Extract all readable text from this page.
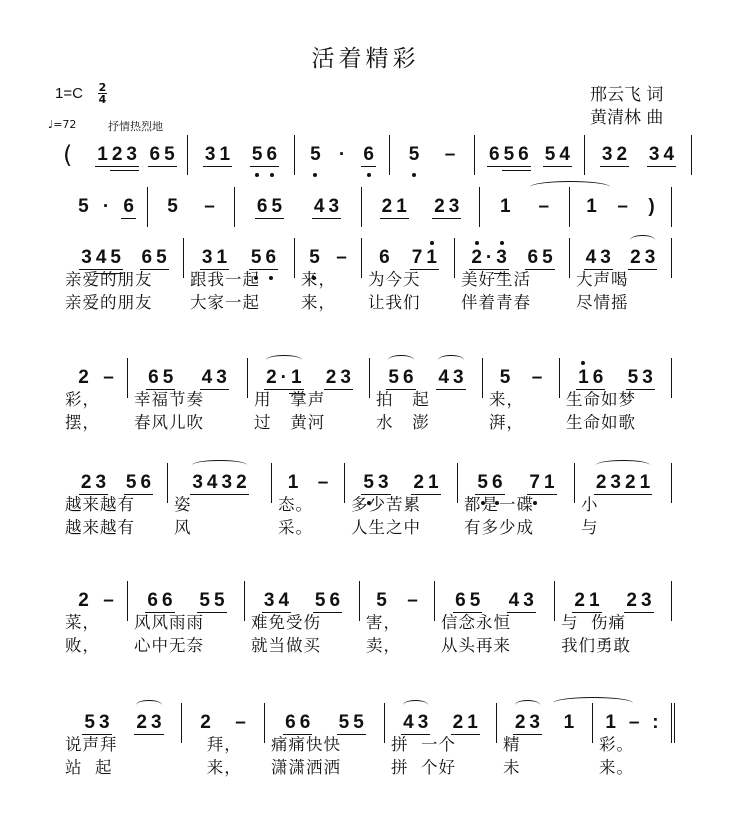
活着精彩
1=C 2
4
♩=72	抒情热烈地
邢云飞 词
黄清林 曲
( 1 2 3 6 5 3 1 5 6 5 · 6 5 – 6 5 6 5 4 3 2 3 4
5 · 6 5 – 6 5 4 3 2 1 2 3 1 – 1 – )
3 4 5 6 5
亲爱的朋友
亲爱的朋友
3 1 5 6
跟我一起
大家一起
5 –
来，
来，
6 7 1
为今天
让我们
2 · 3 6 5
美好生活
伴着青春
4 3 2 3
大声喝
尽情摇
2 –
彩，
摆，
6 5 4 3
幸福节奏
春风儿吹
2 · 1 2 3
用   掌声
过   黄河
5 6 4 3
拍   起
水   澎
5 –
来，
湃，
1 6 5 3
生命如梦
生命如歌
2 3 5 6
越来越有
越来越有
3 4 3 2
姿
风
1 –
态。
采。
5 3 2 1
多少苦累
人生之中
5 6 7 1
都是一碟
有多少成
2 3 2 1
小
与
2 –
菜，
败，
6 6 5 5
风风雨雨
心中无奈
3 4 5 6
难免受伤
就当做买
5 –
害，
卖，
6 5 4 3
信念永恒
从头再来
2 1 2 3
与  伤痛
我们勇敢
5 3 2 3
说声拜
站  起
2 –
拜，
来，
6 6 5 5
痛痛快快
潇潇洒洒
4 3 2 1
拼  一个
拼  个好
2 3 1
精
未
1 – :
彩。
来。
